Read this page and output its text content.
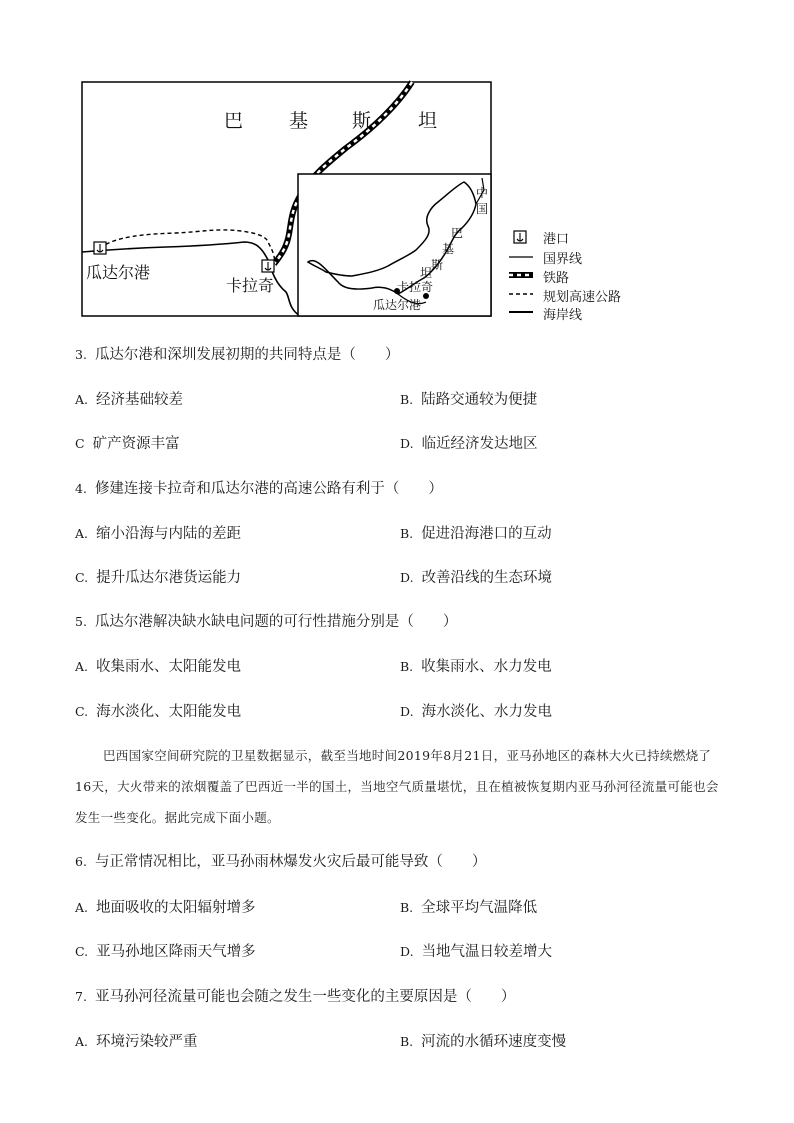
巴 基 斯 坦
瓜达尔港
卡拉奇
中
国
巴
基
斯
坦
卡拉奇
瓜达尔港
港口
国界线
铁路
规划高速公路
海岸线
3. 瓜达尔港和深圳发展初期的共同特点是（　　）
A. 经济基础较差	B. 陆路交通较为便捷
C 矿产资源丰富	D. 临近经济发达地区
4. 修建连接卡拉奇和瓜达尔港的高速公路有利于（　　）
A. 缩小沿海与内陆的差距	B. 促进沿海港口的互动
C. 提升瓜达尔港货运能力	D. 改善沿线的生态环境
5. 瓜达尔港解决缺水缺电问题的可行性措施分别是（　　）
A. 收集雨水、太阳能发电	B. 收集雨水、水力发电
C. 海水淡化、太阳能发电	D. 海水淡化、水力发电
巴西国家空间研究院的卫星数据显示，截至当地时间2019年8月21日，亚马孙地区的森林大火已持续燃烧了16天，大火带来的浓烟覆盖了巴西近一半的国土，当地空气质量堪忧，且在植被恢复期内亚马孙河径流量可能也会发生一些变化。据此完成下面小题。
6. 与正常情况相比，亚马孙雨林爆发火灾后最可能导致（　　）
A. 地面吸收的太阳辐射增多	B. 全球平均气温降低
C. 亚马孙地区降雨天气增多	D. 当地气温日较差增大
7. 亚马孙河径流量可能也会随之发生一些变化的主要原因是（　　）
A. 环境污染较严重	B. 河流的水循环速度变慢
